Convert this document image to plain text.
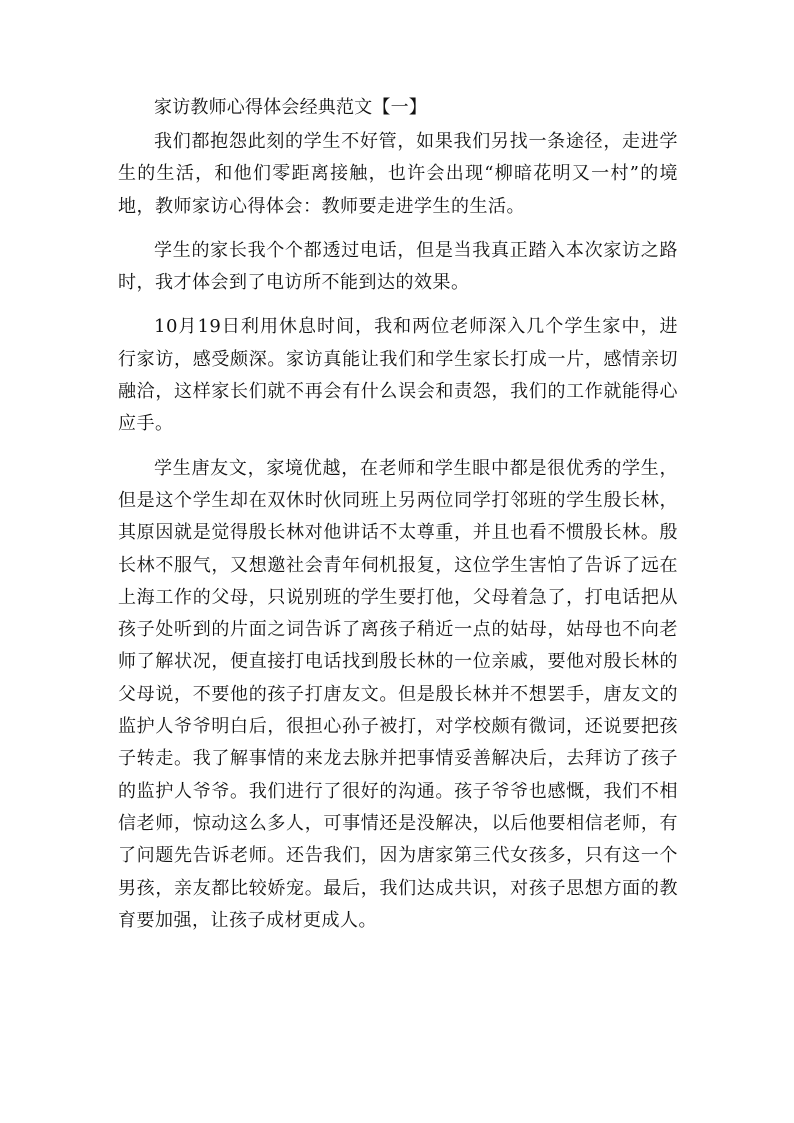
家访教师心得体会经典范文【一】

我们都抱怨此刻的学生不好管，如果我们另找一条途径，走进学生的生活，和他们零距离接触，也许会出现“柳暗花明又一村”的境地，教师家访心得体会：教师要走进学生的生活。

学生的家长我个个都透过电话，但是当我真正踏入本次家访之路时，我才体会到了电访所不能到达的效果。

10月19日利用休息时间，我和两位老师深入几个学生家中，进行家访，感受颇深。家访真能让我们和学生家长打成一片，感情亲切融洽，这样家长们就不再会有什么误会和责怨，我们的工作就能得心应手。

学生唐友文，家境优越，在老师和学生眼中都是很优秀的学生，但是这个学生却在双休时伙同班上另两位同学打邻班的学生殷长林，其原因就是觉得殷长林对他讲话不太尊重，并且也看不惯殷长林。殷长林不服气，又想邀社会青年伺机报复，这位学生害怕了告诉了远在上海工作的父母，只说别班的学生要打他，父母着急了，打电话把从孩子处听到的片面之词告诉了离孩子稍近一点的姑母，姑母也不向老师了解状况，便直接打电话找到殷长林的一位亲戚，要他对殷长林的父母说，不要他的孩子打唐友文。但是殷长林并不想罢手，唐友文的监护人爷爷明白后，很担心孙子被打，对学校颇有微词，还说要把孩子转走。我了解事情的来龙去脉并把事情妥善解决后，去拜访了孩子的监护人爷爷。我们进行了很好的沟通。孩子爷爷也感慨，我们不相信老师，惊动这么多人，可事情还是没解决，以后他要相信老师，有了问题先告诉老师。还告我们，因为唐家第三代女孩多，只有这一个男孩，亲友都比较娇宠。最后，我们达成共识，对孩子思想方面的教育要加强，让孩子成材更成人。
